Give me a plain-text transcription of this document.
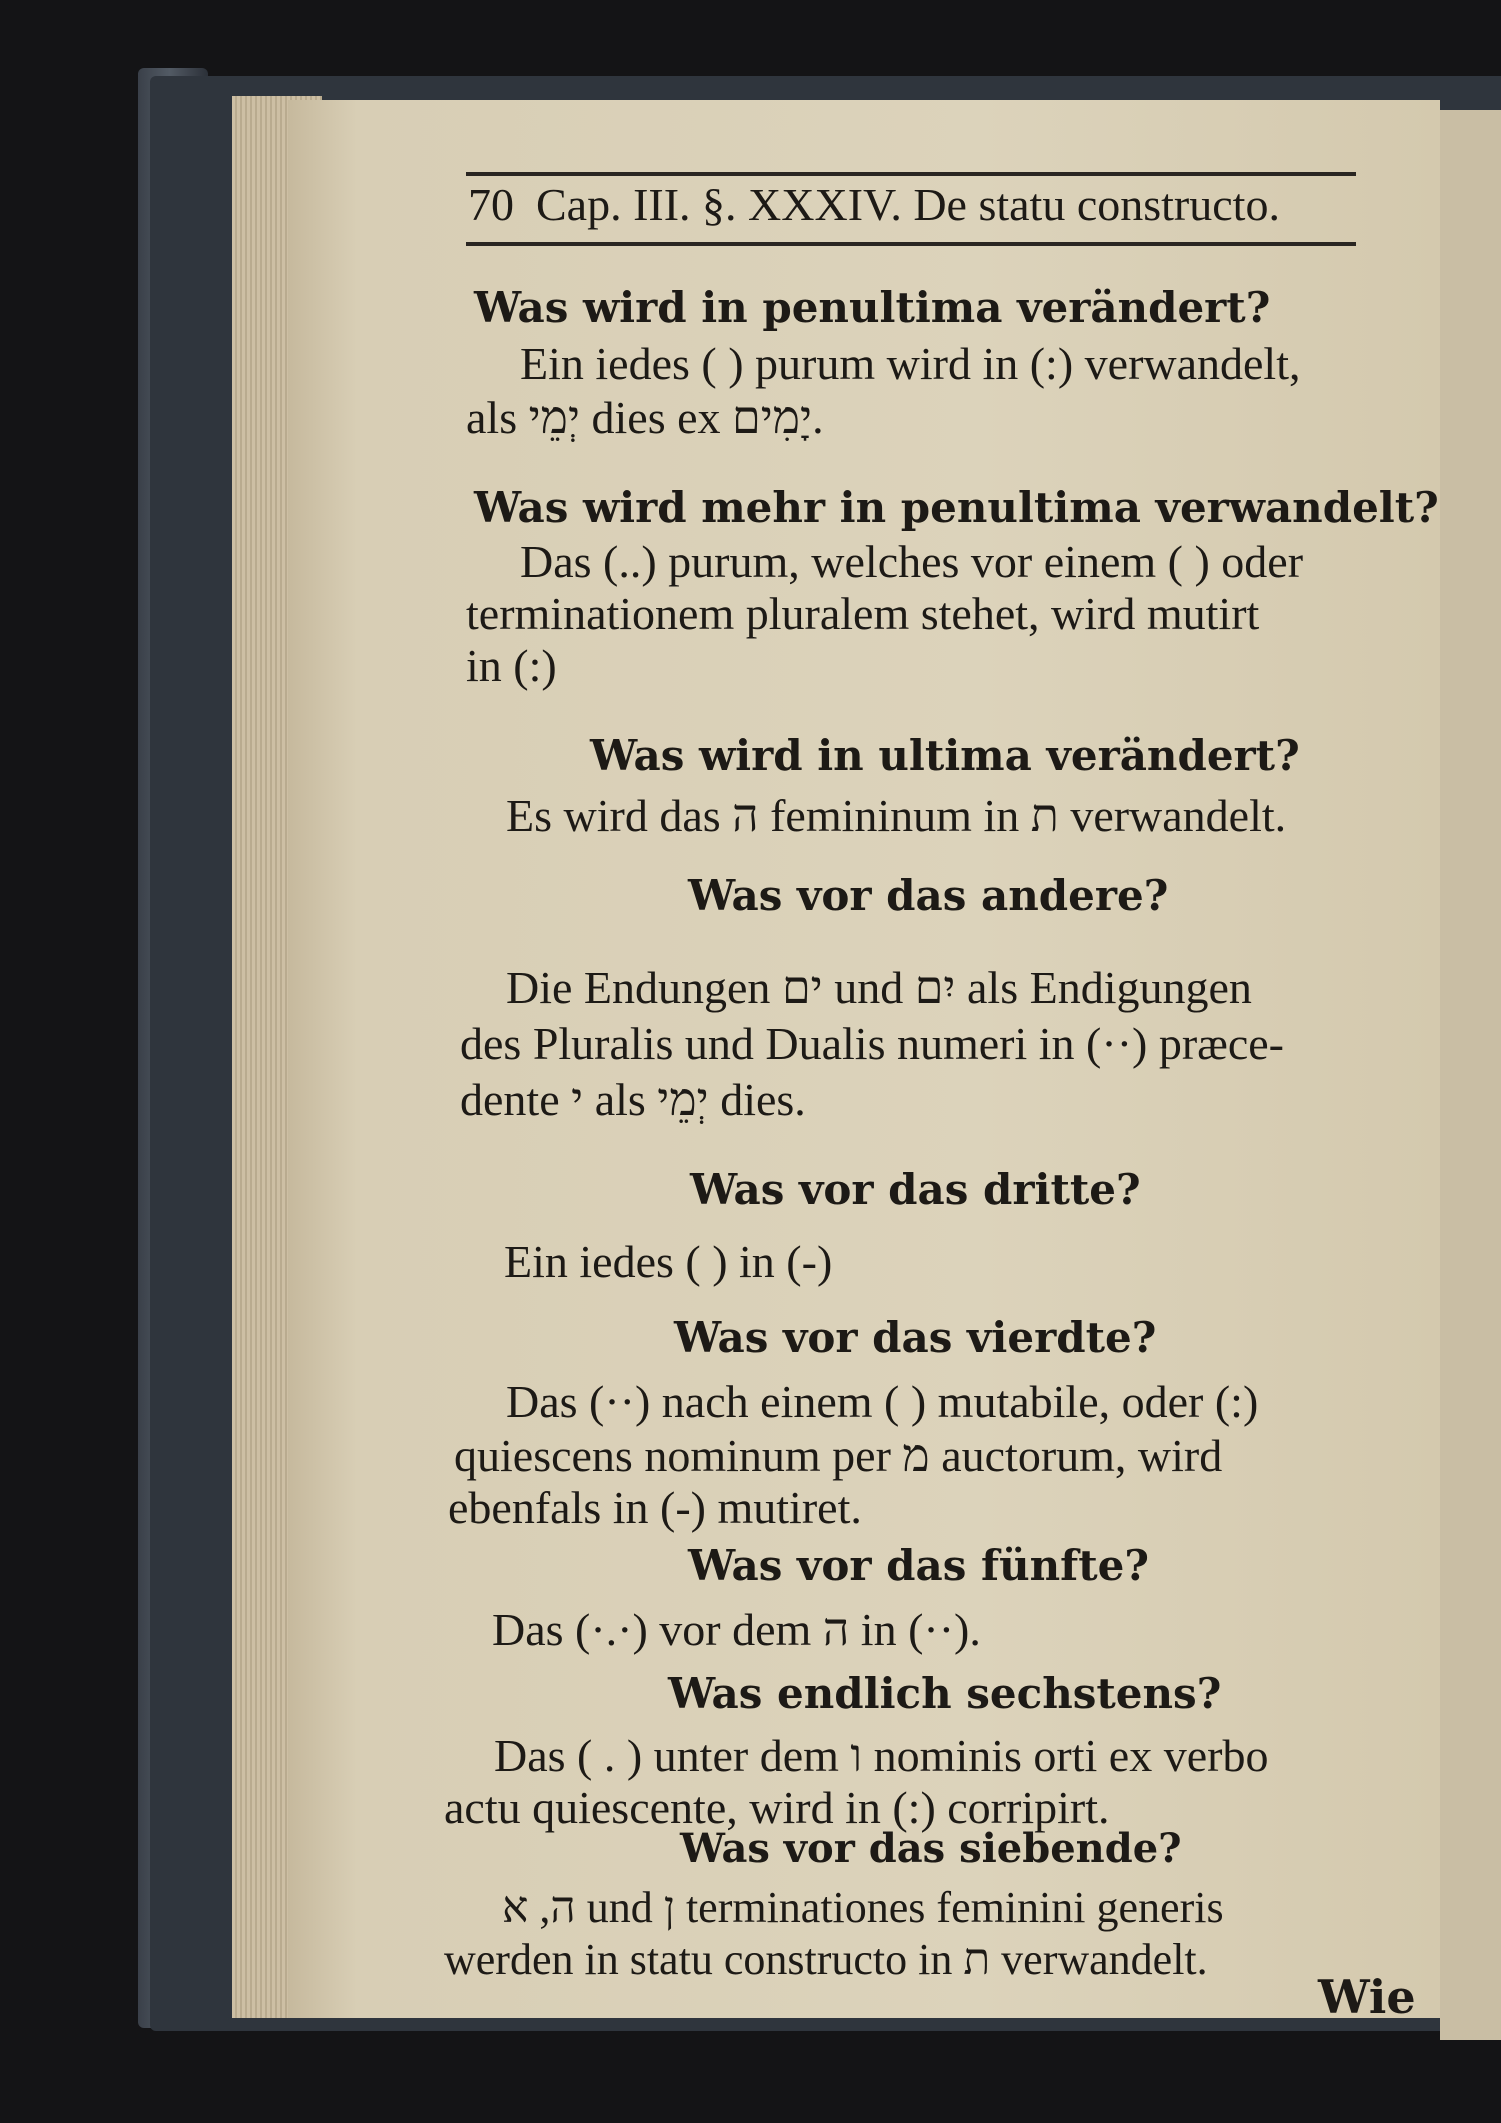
70 Cap. III. §. XXXIV. De statu constructo.
Was wird in penultima verändert?
Ein iedes ( ) purum wird in (:) verwandelt,
als יְמֵי dies ex יָמִים.
Was wird mehr in penultima verwandelt?
Das (..) purum, welches vor einem ( ) oder
terminationem pluralem stehet, wird mutirt
in (:)
Was wird in ultima verändert?
Es wird das ה femininum in ת verwandelt.
Was vor das andere?
Die Endungen ים und יִם als Endigungen
des Pluralis und Dualis numeri in (··) præce-
dente י als יְמֵי dies.
Was vor das dritte?
Ein iedes ( ) in (-)
Was vor das vierdte?
Das (··) nach einem ( ) mutabile, oder (:)
quiescens nominum per מ auctorum, wird
ebenfals in (-) mutiret.
Was vor das fünfte?
Das (·.·) vor dem ה in (··).
Was endlich sechstens?
Das ( . ) unter dem ו nominis orti ex verbo
actu quiescente, wird in (:) corripirt.
Was vor das siebende?
ה, א und ן terminationes feminini generis
werden in statu constructo in ת verwandelt.
Wie
